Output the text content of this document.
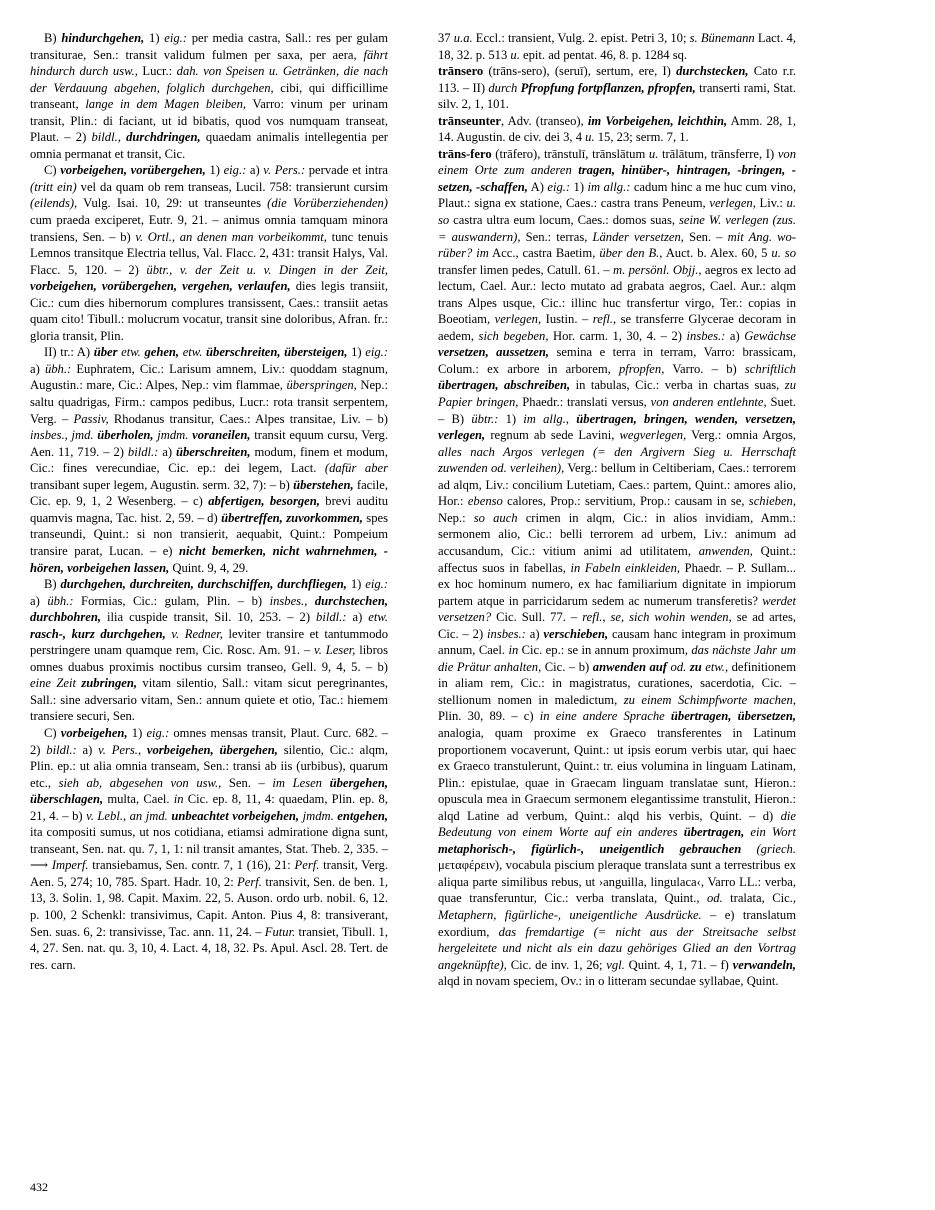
B) hindurchgehen, 1) eig.: per media castra, Sall.: res per gulam transiturae, Sen.: transit validum fulmen per saxa, per aera, fährt hindurch durch usw., Lucr.: dah. von Speisen u. Getränken, die nach der Verdauung abgehen, folglich durchgehen, cibi, qui difficillime transeant, lange in dem Magen bleiben, Varro: vinum per urinam transit, Plin.: di faciant, ut id bibatis, quod vos numquam transeat, Plaut. – 2) bildl., durchdringen, quaedam animalis intellegentia per omnia permanat et transit, Cic.

C) vorbeigehen, vorübergehen, 1) eig.: a) v. Pers.: pervade et intra (tritt ein) vel da quam ob rem transeas, Lucil. 758: transierunt cursim (eilends), Vulg. Isai. 10, 29: ut transeuntes (die Vorüberziehenden) cum praeda exciperet, Eutr. 9, 21. – animus omnia tamquam minora transiens, Sen. – b) v. Ortl., an denen man vorbeikommt, tunc tenuis Lemnos transitque Electria tellus, Val. Flacc. 2, 431: transit Halys, Val. Flacc. 5, 120. – 2) übtr., v. der Zeit u. v. Dingen in der Zeit, vorbeigehen, vorübergehen, vergehen, verlaufen, dies legis transiit, Cic.: cum dies hibernorum complures transissent, Caes.: transiit aetas quam cito! Tibull.: molucrum vocatur, transit sine doloribus, Afran. fr.: gloria transit, Plin.

II) tr.: A) über etw. gehen, etw. überschreiten, übersteigen, 1) eig.: a) übh.: Euphratem, Cic.: Larisum amnem, Liv.: quoddam stagnum, Augustin.: mare, Cic.: Alpes, Nep.: vim flammae, überspringen, Nep.: saltu quadrigas, Firm.: campos pedibus, Lucr.: rota transit serpentem, Verg. – Passiv, Rhodanus transitur, Caes.: Alpes transitae, Liv. – b) insbes., jmd. überholen, jmdm. voraneilen, transit equum cursu, Verg. Aen. 11, 719. – 2) bildl.: a) überschreiten, modum, finem et modum, Cic.: fines verecundiae, Cic. ep.: dei legem, Lact. (dafür aber transibant super legem, Augustin. serm. 32, 7): – b) überstehen, facile, Cic. ep. 9, 1, 2 Wesenberg. – c) abfertigen, besorgen, brevi auditu quamvis magna, Tac. hist. 2, 59. – d) übertreffen, zuvorkommen, spes transeundi, Quint.: si non transierit, aequabit, Quint.: Pompeium transire parat, Lucan. – e) nicht bemerken, nicht wahrnehmen, -hören, vorbeigehen lassen, Quint. 9, 4, 29.

B) durchgehen, durchreiten, durchschiffen, durchfliegen, 1) eig.: a) übh.: Formias, Cic.: gulam, Plin. – b) insbes., durchstechen, durchbohren, ilia cuspide transit, Sil. 10, 253. – 2) bildl.: a) etw. rasch-, kurz durchgehen, v. Redner, leviter transire et tantummodo perstringere unam quamque rem, Cic. Rosc. Am. 91. – v. Leser, libros omnes duabus proximis noctibus cursim transeo, Gell. 9, 4, 5. – b) eine Zeit zubringen, vitam silentio, Sall.: vitam sicut peregrinantes, Sall.: sine adversario vitam, Sen.: annum quiete et otio, Tac.: hiemem transiere securi, Sen.

C) vorbeigehen, 1) eig.: omnes mensas transit, Plaut. Curc. 682. – 2) bildl.: a) v. Pers., vorbeigehen, übergehen, silentio, Cic.: alqm, Plin. ep.: ut alia omnia transeam, Sen.: transi ab iis (urbibus), quarum etc., sieh ab, abgesehen von usw., Sen. – im Lesen übergehen, überschlagen, multa, Cael. in Cic. ep. 8, 11, 4: quaedam, Plin. ep. 8, 21, 4. – b) v. Lebl., an jmd. unbeachtet vorbeigehen, jmdm. entgehen, ita compositi sumus, ut nos cotidiana, etiamsi admiratione digna sunt, transeant, Sen. nat. qu. 7, 1, 1: nil transit amantes, Stat. Theb. 2, 335. – ⟶ Imperf. transiebamus, Sen. contr. 7, 1 (16), 21: Perf. transit, Verg. Aen. 5, 274; 10, 785. Spart. Hadr. 10, 2: Perf. transivit, Sen. de ben. 1, 13, 3. Solin. 1, 98. Capit. Maxim. 22, 5. Auson. ordo urb. nobil. 6, 12. p. 100, 2 Schenkl: transivimus, Capit. Anton. Pius 4, 8: transiverant, Sen. suas. 6, 2: transivisse, Tac. ann. 11, 24. – Futur. transiet, Tibull. 1, 4, 27. Sen. nat. qu. 3, 10, 4. Lact. 4, 18, 32. Ps. Apul. Ascl. 28. Tert. de res. carn.

37 u.a. Eccl.: transient, Vulg. 2. epist. Petri 3, 10; s. Bünemann Lact. 4, 18, 32. p. 513 u. epit. ad pentat. 46, 8. p. 1284 sq.

trānsero (trāns-sero), (seruī), sertum, ere, I) durchstecken, Cato r.r. 113. – II) durch Pfropfung fortpflanzen, pfropfen, transerti rami, Stat. silv. 2, 1, 101.

trānseunter, Adv. (transeo), im Vorbeigehen, leichthin, Amm. 28, 1, 14. Augustin. de civ. dei 3, 4 u. 15, 23; serm. 7, 1.

trāns-fero (trāfero), trānstulī, trānslātum u. trālātum, trānsferre, I) von einem Orte zum anderen tragen, hinüber-, hintragen, -bringen, -setzen, -schaffen, A) eig.: 1) im allg.: cadum hinc a me huc cum vino, Plaut.: signa ex statione, Caes.: castra trans Peneum, verlegen, Liv.: u. so castra ultra eum locum, Caes.: domos suas, seine W. verlegen (zus. = auswandern), Sen.: terras, Länder versetzen, Sen. – mit Ang. wo-rüber? im Acc., castra Baetim, über den B., Auct. b. Alex. 60, 5 u. so transfer limen pedes, Catull. 61. – m. persönl. Objj., aegros ex lecto ad lectum, Cael. Aur.: lecto mutato ad grabata aegros, Cael. Aur.: alqm trans Alpes usque, Cic.: illinc huc transfertur virgo, Ter.: copias in Boeotiam, verlegen, Iustin. – refl., se transferre Glycerae decoram in aedem, sich begeben, Hor. carm. 1, 30, 4. – 2) insbes.: a) Gewächse versetzen, aussetzen, semina e terra in terram, Varro: brassicam, Colum.: ex arbore in arborem, pfropfen, Varro. – b) schriftlich übertragen, abschreiben, in tabulas, Cic.: verba in chartas suas, zu Papier bringen, Phaedr.: translati versus, von anderen entlehnte, Suet. – B) übtr.: 1) im allg., übertragen, bringen, wenden, versetzen, verlegen, regnum ab sede Lavini, wegverlegen, Verg.: omnia Argos, alles nach Argos verlegen (= den Argivern Sieg u. Herrschaft zuwenden od. verleihen), Verg.: bellum in Celtiberiam, Caes.: terrorem ad alqm, Liv.: concilium Lutetiam, Caes.: partem, Quint.: amores alio, Hor.: ebenso calores, Prop.: servitium, Prop.: causam in se, schieben, Nep.: so auch crimen in alqm, Cic.: in alios invidiam, Amm.: sermonem alio, Cic.: belli terrorem ad urbem, Liv.: animum ad accusandum, Cic.: vitium animi ad utilitatem, anwenden, Quint.: affectus suos in fabellas, in Fabeln einkleiden, Phaedr. – P. Sullam... ex hoc hominum numero, ex hac familiarium dignitate in impiorum partem atque in parricidarum sedem ac numerum transferetis? werdet versetzen? Cic. Sull. 77. – refl., se, sich wohin wenden, se ad artes, Cic. – 2) insbes.: a) verschieben, causam hanc integram in proximum annum, Cael. in Cic. ep.: se in annum proximum, das nächste Jahr um die Prätur anhalten, Cic. – b) anwenden auf od. zu etw., definitionem in aliam rem, Cic.: in magistratus, curationes, sacerdotia, Cic. – stellionum nomen in maledictum, zu einem Schimpfworte machen, Plin. 30, 89. – c) in eine andere Sprache übertragen, übersetzen, analogia, quam proxime ex Graeco transferentes in Latinum proportionem vocaverunt, Quint.: ut ipsis eorum verbis utar, qui haec ex Graeco transtulerunt, Quint.: tr. eius volumina in linguam Latinam, Plin.: epistulae, quae in Graecam linguam translatae sunt, Hieron.: opuscula mea in Graecum sermonem elegantissime transtulit, Hieron.: alqd Latine ad verbum, Quint.: alqd his verbis, Quint. – d) die Bedeutung von einem Worte auf ein anderes übertragen, ein Wort metaphorisch-, figürlich-, uneigentlich gebrauchen (griech. μεταφέρειν), vocabula piscium pleraque translata sunt a terrestribus ex aliqua parte similibus rebus, ut ›anguilla, lingulaca‹, Varro LL.: verba, quae transferuntur, Cic.: verba translata, Quint., od. tralata, Cic., Metaphern, figürliche-, uneigentliche Ausdrücke. – e) translatum exordium, das fremdartige (= nicht aus der Streitsache selbst hergeleitete und nicht als ein dazu gehöriges Glied an den Vortrag angeknüpfte), Cic. de inv. 1, 26; vgl. Quint. 4, 1, 71. – f) verwandeln, alqd in novam speciem, Ov.: in o litteram secundae syllabae, Quint.

432
